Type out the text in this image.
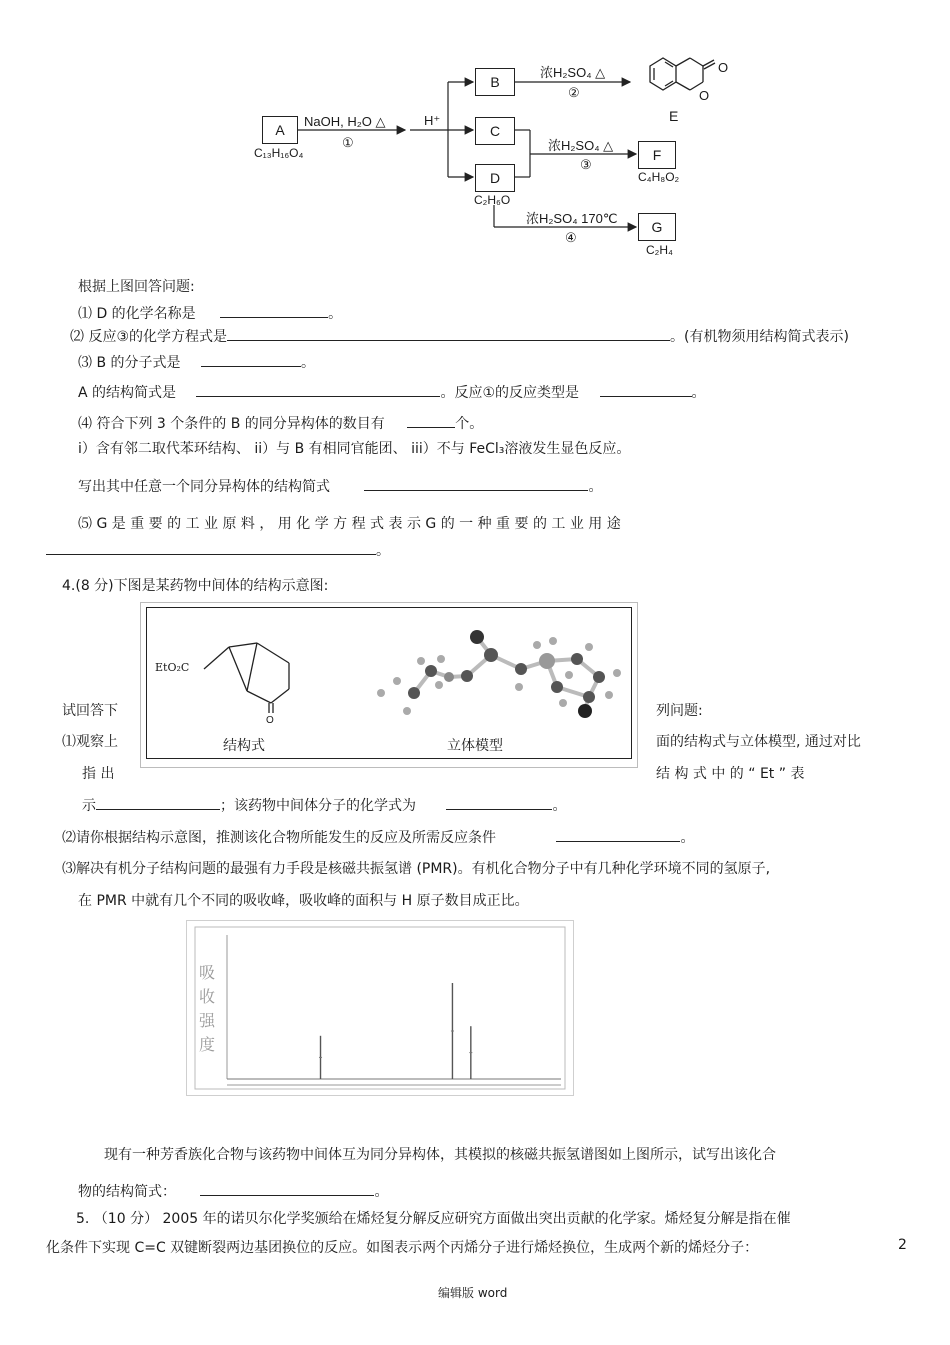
A
C₁₃H₁₆O₄
NaOH, H₂O △
①
H⁺
B
浓H₂SO₄ △
②
E
O
O
C
浓H₂SO₄ △
③
F
C₄H₈O₂
D
C₂H₆O
浓H₂SO₄ 170℃
④
G
C₂H₄
根据上图回答问题:
⑴ D 的化学名称是	。
⑵ 反应③的化学方程式是	。(有机物须用结构简式表示)
⑶ B 的分子式是	。
A 的结构简式是	。反应①的反应类型是	。
⑷ 符合下列 3 个条件的 B 的同分异构体的数目有	个。
i）含有邻二取代苯环结构、 ii）与 B 有相同官能团、 iii）不与 FeCl₃溶液发生显色反应。
写出其中任意一个同分异构体的结构简式	。
⑸ G 是 重 要 的 工 业 原 料 ， 用 化 学 方 程 式 表 示 G 的 一 种 重 要 的 工 业 用 途
。
4.(8 分)下图是某药物中间体的结构示意图:
EtO₂C
O
结构式	立体模型
试回答下	列问题:
⑴观察上	面的结构式与立体模型, 通过对比
指 出	结 构 式 中 的 “ Et ” 表
示	；该药物中间体分子的化学式为	。
⑵请你根据结构示意图，推测该化合物所能发生的反应及所需反应条件	。
⑶解决有机分子结构问题的最强有力手段是核磁共振氢谱 (PMR)。有机化合物分子中有几种化学环境不同的氢原子,
在 PMR 中就有几个不同的吸收峰，吸收峰的面积与 H 原子数目成正比。
吸
收
强
度
现有一种芳香族化合物与该药物中间体互为同分异构体，其模拟的核磁共振氢谱图如上图所示，试写出该化合
物的结构简式：	。
5. （10 分） 2005 年的诺贝尔化学奖颁给在烯烃复分解反应研究方面做出突出贡献的化学家。烯烃复分解是指在催
化条件下实现 C=C 双键断裂两边基团换位的反应。如图表示两个丙烯分子进行烯烃换位，生成两个新的烯烃分子：	2
编辑版 word
